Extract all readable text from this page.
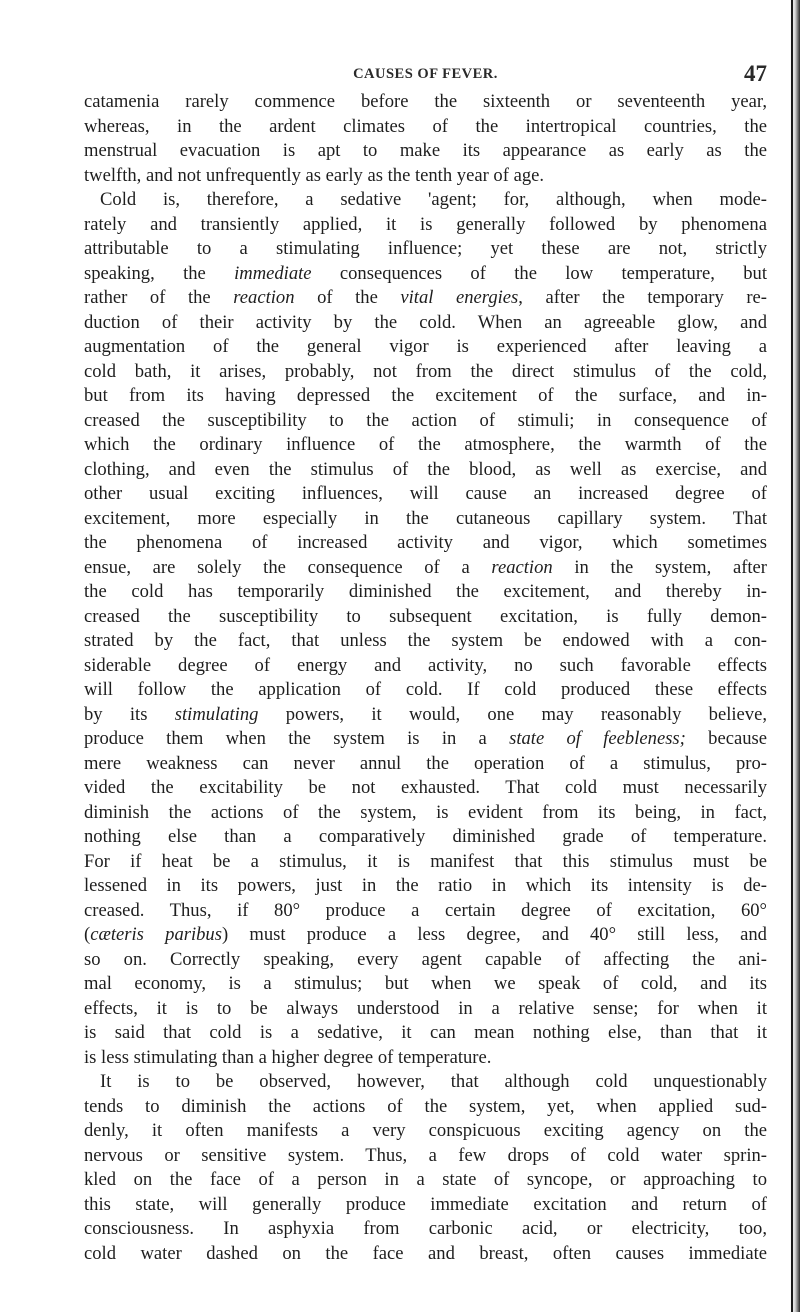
CAUSES OF FEVER.	47
catamenia rarely commence before the sixteenth or seventeenth year,
whereas, in the ardent climates of the intertropical countries, the
menstrual evacuation is apt to make its appearance as early as the
twelfth, and not unfrequently as early as the tenth year of age.
Cold is, therefore, a sedative 'agent; for, although, when mode-
rately and transiently applied, it is generally followed by phenomena
attributable to a stimulating influence; yet these are not, strictly
speaking, the immediate consequences of the low temperature, but
rather of the reaction of the vital energies, after the temporary re-
duction of their activity by the cold. When an agreeable glow, and
augmentation of the general vigor is experienced after leaving a
cold bath, it arises, probably, not from the direct stimulus of the cold,
but from its having depressed the excitement of the surface, and in-
creased the susceptibility to the action of stimuli; in consequence of
which the ordinary influence of the atmosphere, the warmth of the
clothing, and even the stimulus of the blood, as well as exercise, and
other usual exciting influences, will cause an increased degree of
excitement, more especially in the cutaneous capillary system. That
the phenomena of increased activity and vigor, which sometimes
ensue, are solely the consequence of a reaction in the system, after
the cold has temporarily diminished the excitement, and thereby in-
creased the susceptibility to subsequent excitation, is fully demon-
strated by the fact, that unless the system be endowed with a con-
siderable degree of energy and activity, no such favorable effects
will follow the application of cold. If cold produced these effects
by its stimulating powers, it would, one may reasonably believe,
produce them when the system is in a state of feebleness; because
mere weakness can never annul the operation of a stimulus, pro-
vided the excitability be not exhausted. That cold must necessarily
diminish the actions of the system, is evident from its being, in fact,
nothing else than a comparatively diminished grade of temperature.
For if heat be a stimulus, it is manifest that this stimulus must be
lessened in its powers, just in the ratio in which its intensity is de-
creased. Thus, if 80° produce a certain degree of excitation, 60°
(cæteris paribus) must produce a less degree, and 40° still less, and
so on. Correctly speaking, every agent capable of affecting the ani-
mal economy, is a stimulus; but when we speak of cold, and its
effects, it is to be always understood in a relative sense; for when it
is said that cold is a sedative, it can mean nothing else, than that it
is less stimulating than a higher degree of temperature.
It is to be observed, however, that although cold unquestionably
tends to diminish the actions of the system, yet, when applied sud-
denly, it often manifests a very conspicuous exciting agency on the
nervous or sensitive system. Thus, a few drops of cold water sprin-
kled on the face of a person in a state of syncope, or approaching to
this state, will generally produce immediate excitation and return of
consciousness. In asphyxia from carbonic acid, or electricity, too,
cold water dashed on the face and breast, often causes immediate
